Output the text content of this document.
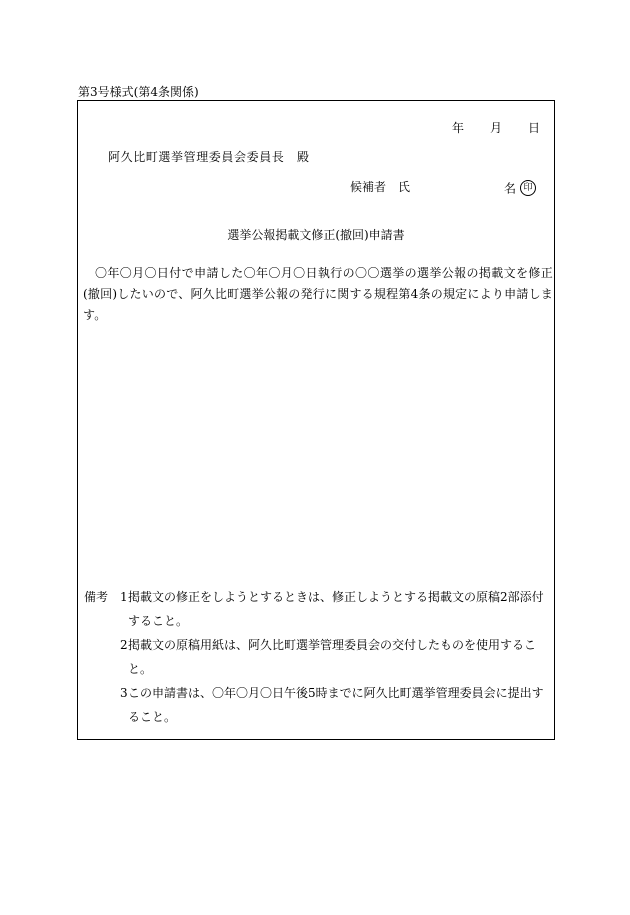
第3号様式(第4条関係)
年 月 日
阿久比町選挙管理委員会委員長　殿
候補者　氏	名 印
選挙公報掲載文修正(撤回)申請書
〇年〇月〇日付で申請した〇年〇月〇日執行の〇〇選挙の選挙公報の掲載文を修正(撤回)したいので、阿久比町選挙公報の発行に関する規程第4条の規定により申請します。
備考 1 掲載文の修正をしようとするときは、修正しようとする掲載文の原稿2部添付すること。
2 掲載文の原稿用紙は、阿久比町選挙管理委員会の交付したものを使用すること。
3 この申請書は、〇年〇月〇日午後5時までに阿久比町選挙管理委員会に提出すること。
